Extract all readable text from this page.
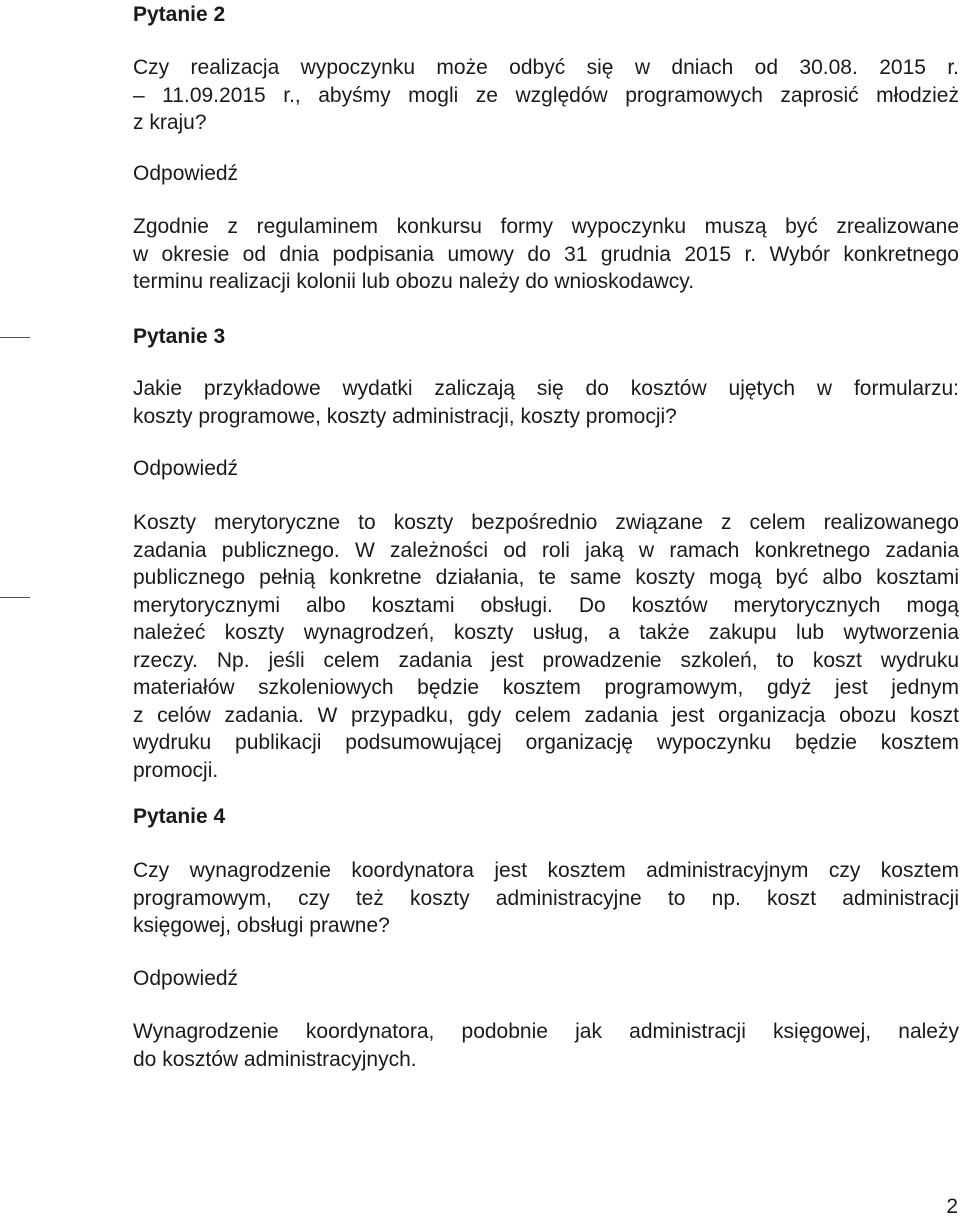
Pytanie 2
Czy realizacja wypoczynku może odbyć się w dniach od 30.08. 2015 r.
– 11.09.2015 r., abyśmy mogli ze względów programowych zaprosić młodzież
z kraju?
Odpowiedź
Zgodnie z regulaminem konkursu formy wypoczynku muszą być zrealizowane
w okresie od dnia podpisania umowy do 31 grudnia 2015 r. Wybór konkretnego
terminu realizacji kolonii lub obozu należy do wnioskodawcy.
Pytanie 3
Jakie przykładowe wydatki zaliczają się do kosztów ujętych w formularzu:
koszty programowe, koszty administracji, koszty promocji?
Odpowiedź
Koszty merytoryczne to koszty bezpośrednio związane z celem realizowanego
zadania publicznego. W zależności od roli jaką w ramach konkretnego zadania
publicznego pełnią konkretne działania, te same koszty mogą być albo kosztami
merytorycznymi albo kosztami obsługi. Do kosztów merytorycznych mogą
należeć koszty wynagrodzeń, koszty usług, a także zakupu lub wytworzenia
rzeczy. Np. jeśli celem zadania jest prowadzenie szkoleń, to koszt wydruku
materiałów szkoleniowych będzie kosztem programowym, gdyż jest jednym
z celów zadania. W przypadku, gdy celem zadania jest organizacja obozu koszt
wydruku publikacji podsumowującej organizację wypoczynku będzie kosztem
promocji.
Pytanie 4
Czy wynagrodzenie koordynatora jest kosztem administracyjnym czy kosztem
programowym, czy też koszty administracyjne to np. koszt administracji
księgowej, obsługi prawne?
Odpowiedź
Wynagrodzenie koordynatora, podobnie jak administracji księgowej, należy
do kosztów administracyjnych.
2
